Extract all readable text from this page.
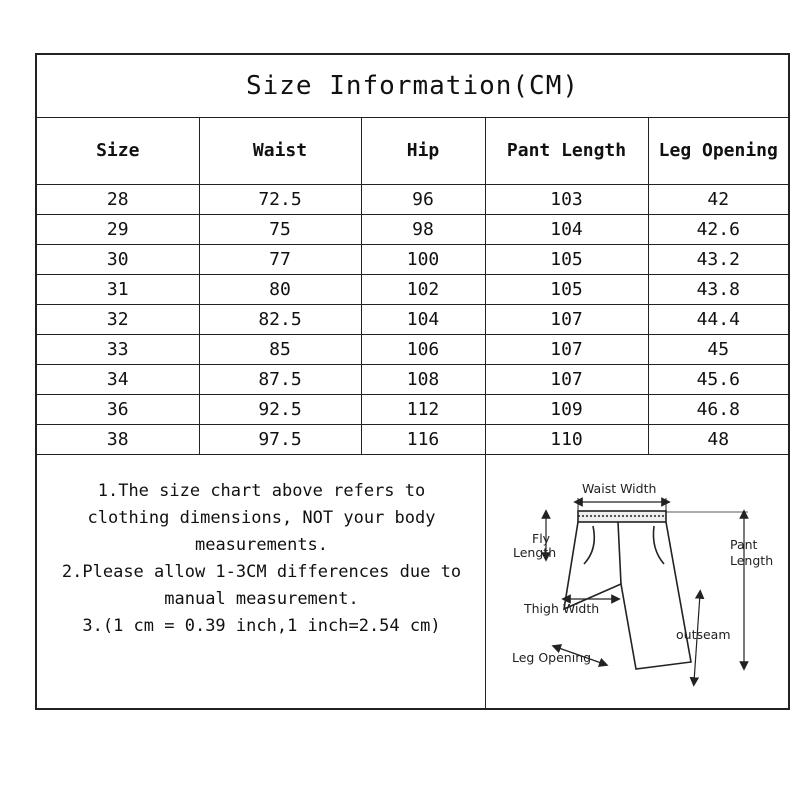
Size Information(CM)
Size	Waist	Hip	Pant Length	Leg Opening
28	72.5	96	103	42
29	75	98	104	42.6
30	77	100	105	43.2
31	80	102	105	43.8
32	82.5	104	107	44.4
33	85	106	107	45
34	87.5	108	107	45.6
36	92.5	112	109	46.8
38	97.5	116	110	48
1.The size chart above refers to
clothing dimensions, NOT your body
measurements.
2.Please allow 1-3CM differences due to
manual measurement.
3.(1 cm = 0.39 inch,1 inch=2.54 cm)
Waist Width
Fly
Length
Pant
Length
Thigh Width
outseam
Leg Opening
